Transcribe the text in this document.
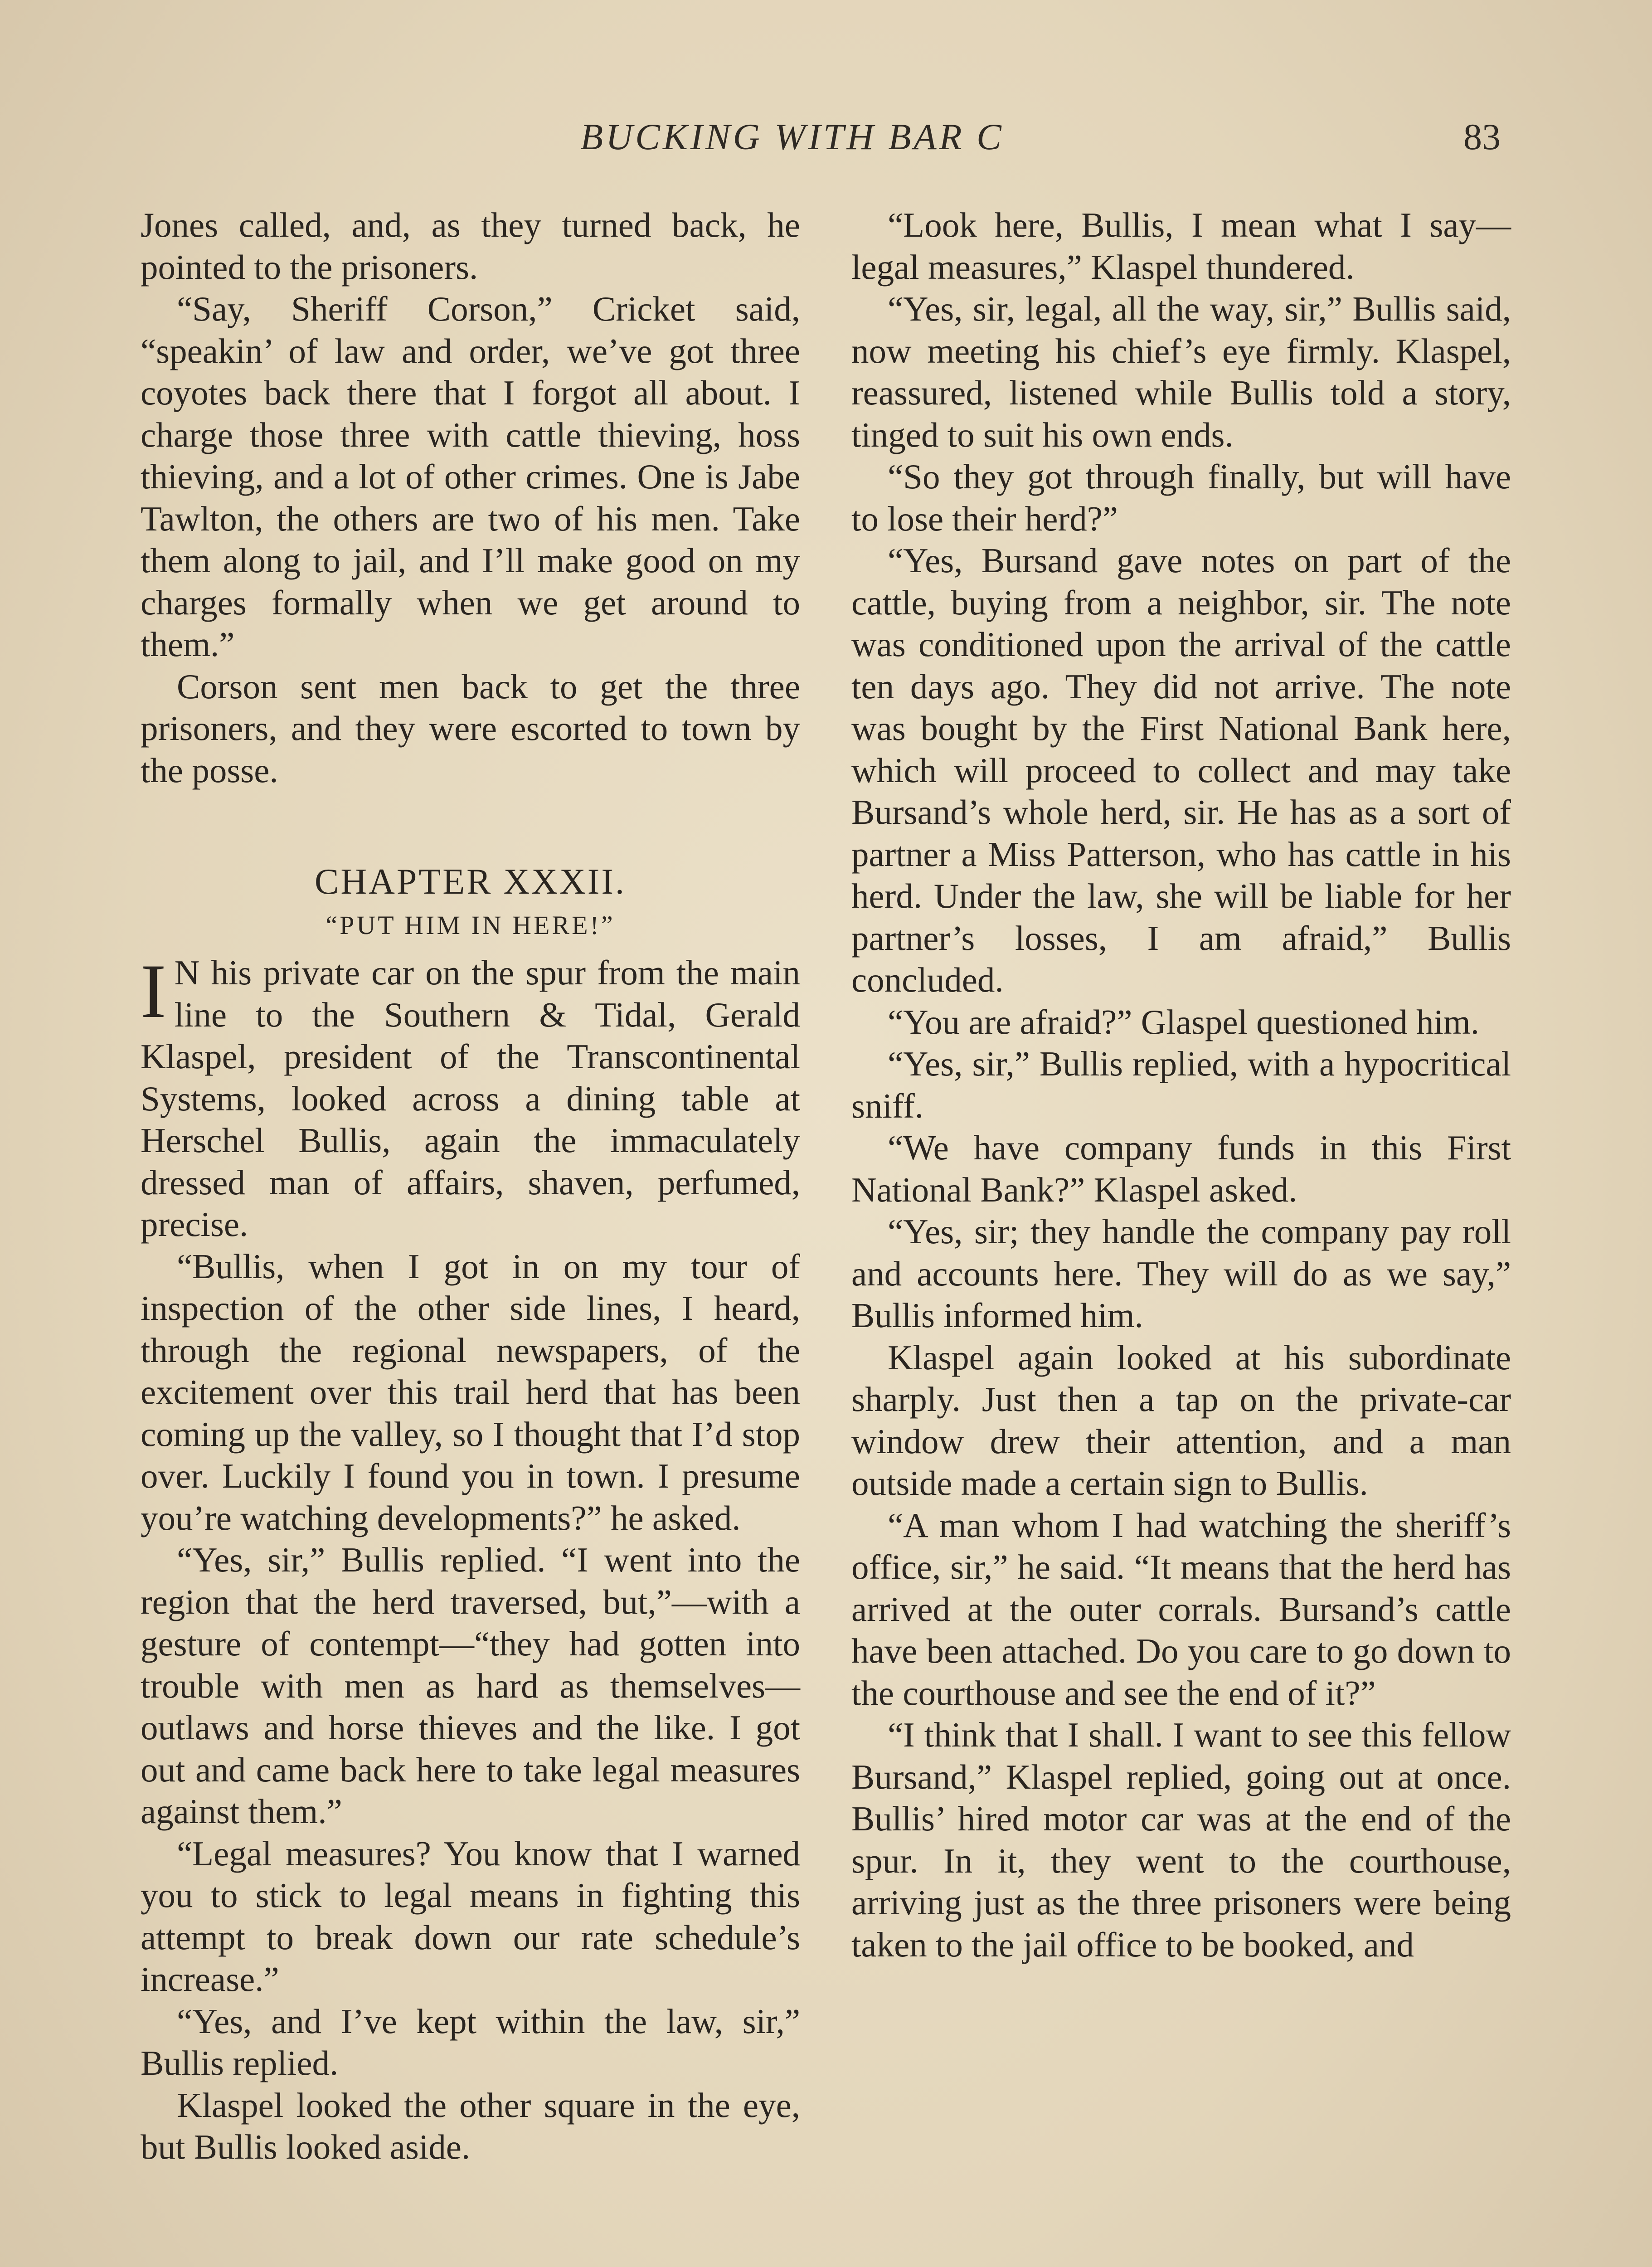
BUCKING WITH BAR C	83

Jones called, and, as they turned back, he pointed to the prisoners.

“Say, Sheriff Corson,” Cricket said, “speakin’ of law and order, we’ve got three coyotes back there that I forgot all about. I charge those three with cattle thieving, hoss thieving, and a lot of other crimes. One is Jabe Tawlton, the others are two of his men. Take them along to jail, and I’ll make good on my charges formally when we get around to them.”

Corson sent men back to get the three prisoners, and they were escorted to town by the posse.

CHAPTER XXXII.
“PUT HIM IN HERE!”

I N his private car on the spur from the main line to the Southern & Tidal, Gerald Klaspel, president of the Transcontinental Systems, looked across a dining table at Herschel Bullis, again the immaculately dressed man of affairs, shaven, perfumed, precise.

“Bullis, when I got in on my tour of inspection of the other side lines, I heard, through the regional newspapers, of the excitement over this trail herd that has been coming up the valley, so I thought that I’d stop over. Luckily I found you in town. I presume you’re watching developments?” he asked.

“Yes, sir,” Bullis replied. “I went into the region that the herd traversed, but,”—with a gesture of contempt—“they had gotten into trouble with men as hard as themselves—outlaws and horse thieves and the like. I got out and came back here to take legal measures against them.”

“Legal measures? You know that I warned you to stick to legal means in fighting this attempt to break down our rate schedule’s increase.”

“Yes, and I’ve kept within the law, sir,” Bullis replied.

Klaspel looked the other square in the eye, but Bullis looked aside.

“Look here, Bullis, I mean what I say—legal measures,” Klaspel thundered.

“Yes, sir, legal, all the way, sir,” Bullis said, now meeting his chief’s eye firmly. Klaspel, reassured, listened while Bullis told a story, tinged to suit his own ends.

“So they got through finally, but will have to lose their herd?”

“Yes, Bursand gave notes on part of the cattle, buying from a neighbor, sir. The note was conditioned upon the arrival of the cattle ten days ago. They did not arrive. The note was bought by the First National Bank here, which will proceed to collect and may take Bursand’s whole herd, sir. He has as a sort of partner a Miss Patterson, who has cattle in his herd. Under the law, she will be liable for her partner’s losses, I am afraid,” Bullis concluded.

“You are afraid?” Glaspel questioned him.

“Yes, sir,” Bullis replied, with a hypocritical sniff.

“We have company funds in this First National Bank?” Klaspel asked.

“Yes, sir; they handle the company pay roll and accounts here. They will do as we say,” Bullis informed him.

Klaspel again looked at his subordinate sharply. Just then a tap on the private-car window drew their attention, and a man outside made a certain sign to Bullis.

“A man whom I had watching the sheriff’s office, sir,” he said. “It means that the herd has arrived at the outer corrals. Bursand’s cattle have been attached. Do you care to go down to the courthouse and see the end of it?”

“I think that I shall. I want to see this fellow Bursand,” Klaspel replied, going out at once. Bullis’ hired motor car was at the end of the spur. In it, they went to the courthouse, arriving just as the three prisoners were being taken to the jail office to be booked, and
